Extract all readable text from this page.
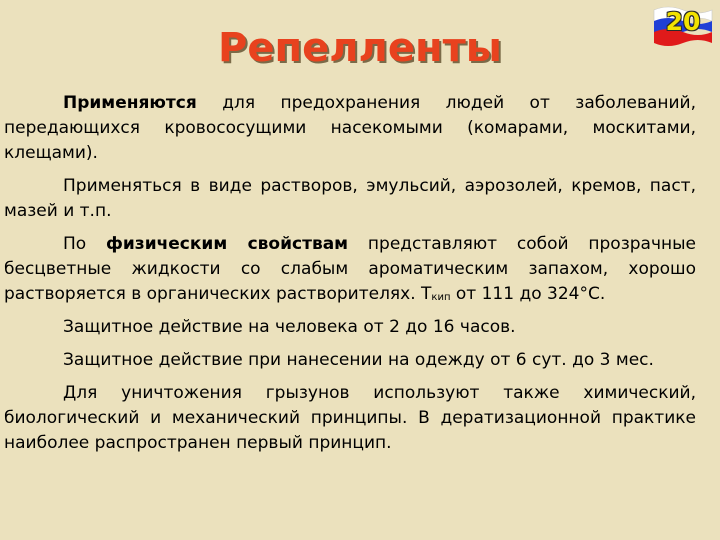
Репелленты
20

Применяются для предохранения людей от заболеваний, передающихся кровососущими насекомыми (комарами, москитами, клещами).

Применяться в виде растворов, эмульсий, аэрозолей, кремов, паст, мазей и т.п.

По физическим свойствам представляют собой прозрачные бесцветные жидкости со слабым ароматическим запахом, хорошо растворяется в органических растворителях. $Т_{кип}$ от 111 до 324°С.

Защитное действие на человека от 2 до 16 часов.

Защитное действие при нанесении на одежду от 6 сут. до 3 мес.

Для уничтожения грызунов используют также химический, биологический и механический принципы. В дератизационной практике наиболее распространен первый принцип.
